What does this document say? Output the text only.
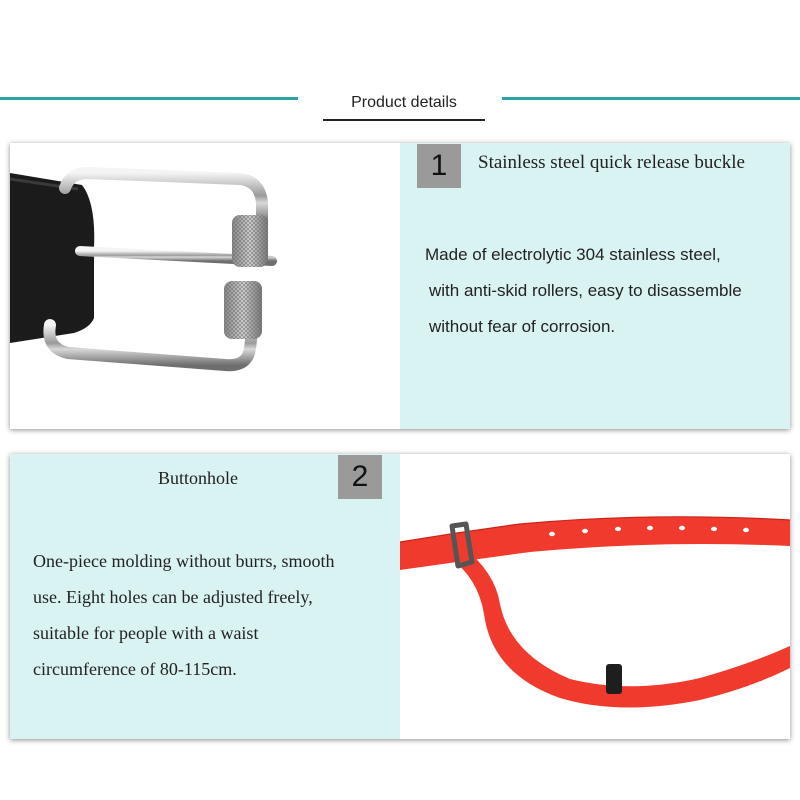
Product details
1	Stainless steel quick release buckle
Made of electrolytic 304 stainless steel,
with anti-skid rollers, easy to disassemble
without fear of corrosion.
Buttonhole	2
One-piece molding without burrs, smooth
use. Eight holes can be adjusted freely,
suitable for people with a waist
circumference of 80-115cm.
